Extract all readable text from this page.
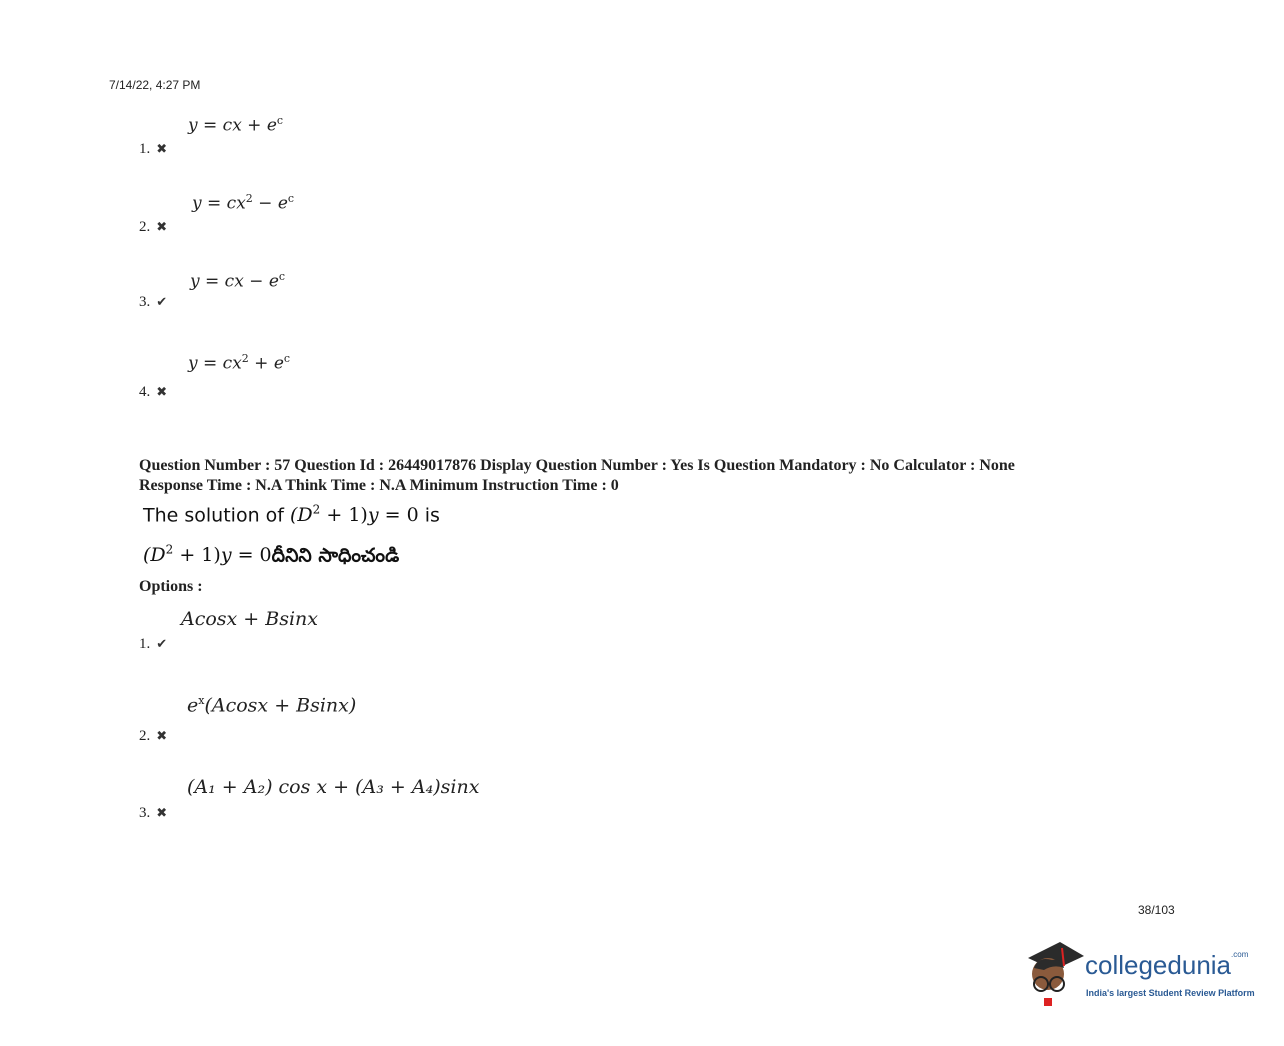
7/14/22, 4:27 PM
y = cx + $e^c$
1. ✖
$y = cx^2 - e^c$
2. ✖
y = cx − $e^c$
3. ✔
$y = cx^2 + e^c$
4. ✖
Question Number : 57 Question Id : 26449017876 Display Question Number : Yes Is Question Mandatory : No Calculator : None
Response Time : N.A Think Time : N.A Minimum Instruction Time : 0
The solution of $(D^2 + 1)y = 0$ is
$(D^2 + 1)y$ = 0దీనిని సాధించండి
Options :
Acosx + Bsinx
1. ✔
$e^x(Acosx + Bsinx)$
2. ✖
(A₁ + A₂) cos x + (A₃ + A₄)sinx
3. ✖
38/103
collegedunia$^{.com}$
India's largest Student Review Platform
